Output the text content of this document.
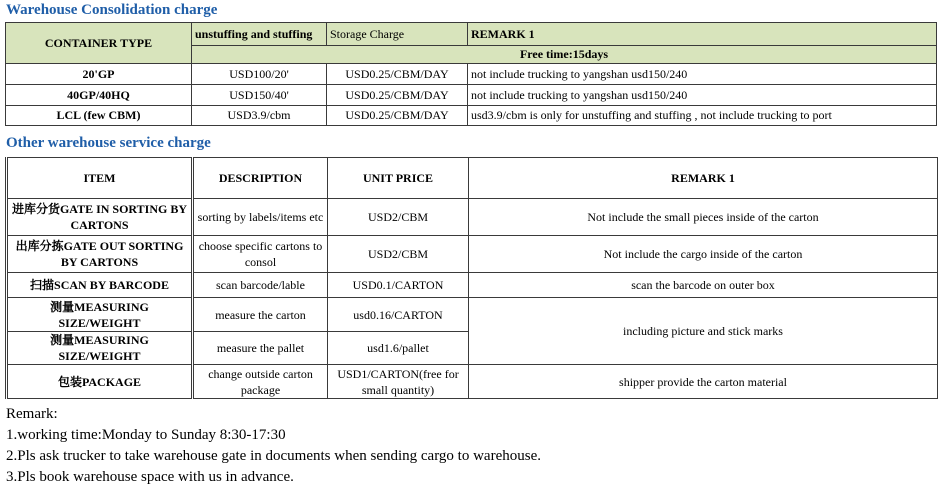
Warehouse Consolidation charge
CONTAINER TYPE	unstuffing and stuffing	Storage Charge	REMARK 1
	Free time:15days		
20'GP	USD100/20'	USD0.25/CBM/DAY	not include trucking to yangshan usd150/240
40GP/40HQ	USD150/40'	USD0.25/CBM/DAY	not include trucking to yangshan usd150/240
LCL (few CBM)	USD3.9/cbm	USD0.25/CBM/DAY	usd3.9/cbm is only for unstuffing and stuffing , not include trucking to port
Other warehouse service charge
ITEM	DESCRIPTION	UNIT PRICE	REMARK 1
进库分货GATE IN SORTING BY CARTONS	sorting by labels/items etc	USD2/CBM	Not include the small pieces inside of the carton
出库分拣GATE OUT SORTING BY CARTONS	choose specific cartons to consol	USD2/CBM	Not include the cargo inside of the carton
扫描SCAN BY BARCODE	scan barcode/lable	USD0.1/CARTON	scan the barcode on outer box
测量MEASURING SIZE/WEIGHT	measure the carton	usd0.16/CARTON	including picture and stick marks
测量MEASURING SIZE/WEIGHT	measure the pallet	usd1.6/pallet	
包装PACKAGE	change outside carton package	USD1/CARTON(free for small quantity)	shipper provide the carton material
Remark:
1.working time:Monday to Sunday 8:30-17:30
2.Pls ask trucker to take warehouse gate in documents when sending cargo to warehouse.
3.Pls book warehouse space with us in advance.
